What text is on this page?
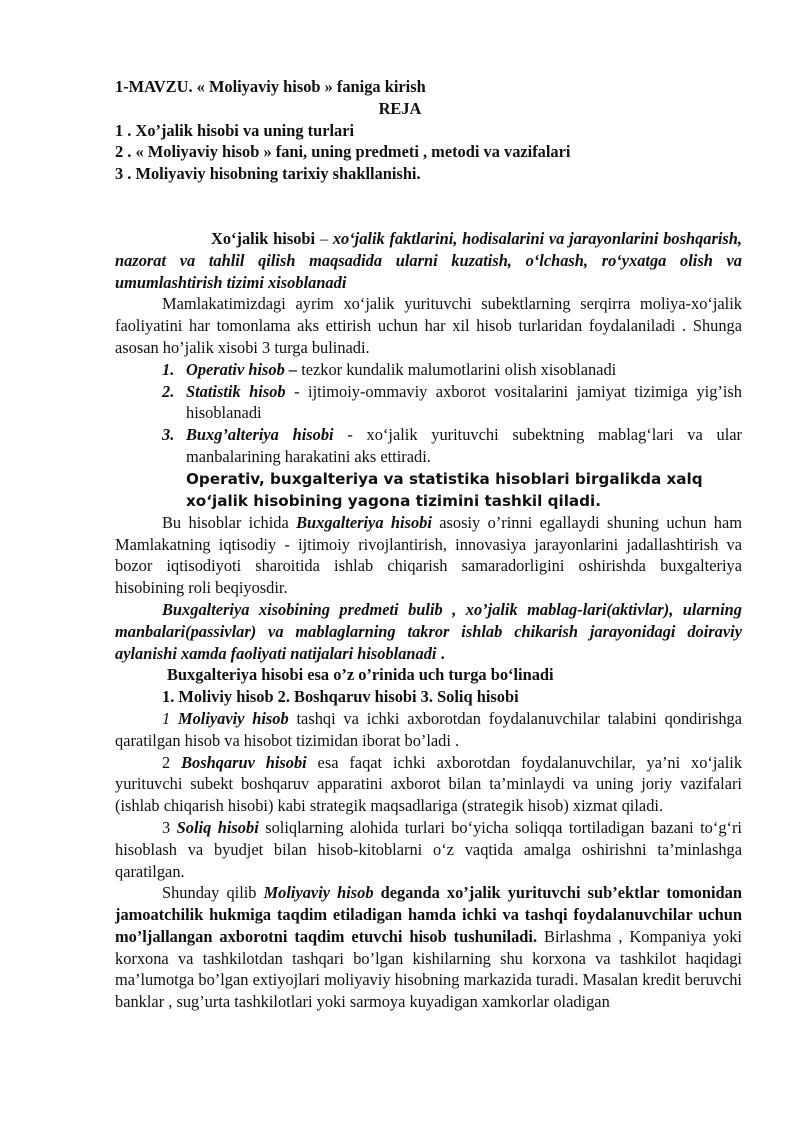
1-MAVZU. « Moliyaviy hisob » faniga kirish
REJA
1 . Xo’jalik hisobi va uning turlari
2 . « Moliyaviy hisob » fani, uning predmeti , metodi va vazifalari
3 . Moliyaviy hisobning tarixiy shakllanishi.
Xo‘jalik hisobi – xo‘jalik faktlarini, hodisalarini va jarayonlarini boshqarish, nazorat va tahlil qilish maqsadida ularni kuzatish, o‘lchash, ro‘yxatga olish va umumlashtirish tizimi xisoblanadi
Mamlakatimizdagi ayrim xo‘jalik yurituvchi subektlarning serqirra moliya-xo‘jalik faoliyatini har tomonlama aks ettirish uchun har xil hisob turlaridan foydalaniladi . Shunga asosan ho’jalik xisobi 3 turga bulinadi.
1. Operativ hisob – tezkor kundalik malumotlarini olish xisoblanadi
2. Statistik hisob - ijtimoiy-ommaviy axborot vositalarini jamiyat tizimiga yig’ish hisoblanadi
3. Buxg’alteriya hisobi - xo‘jalik yurituvchi subektning mablag‘lari va ular manbalarining harakatini aks ettiradi.
Operativ, buxgalteriya va statistika hisoblari birgalikda xalq xo‘jalik hisobining yagona tizimini tashkil qiladi.
Bu hisoblar ichida Buxgalteriya hisobi asosiy o’rinni egallaydi shuning uchun ham Mamlakatning iqtisodiy - ijtimoiy rivojlantirish, innovasiya jarayonlarini jadallashtirish va bozor iqtisodiyoti sharoitida ishlab chiqarish samaradorligini oshirishda buxgalteriya hisobining roli beqiyosdir.
Buxgalteriya xisobining predmeti bulib , xo’jalik mablag-lari(aktivlar), ularning manbalari(passivlar) va mablaglarning takror ishlab chikarish jarayonidagi doiraviy aylanishi xamda faoliyati natijalari hisoblanadi .
Buxgalteriya hisobi esa o’z o’rinida uch turga bo‘linadi
1. Moliviy hisob 2. Boshqaruv hisobi 3. Soliq hisobi
1 Moliyaviy hisob tashqi va ichki axborotdan foydalanuvchilar talabini qondirishga qaratilgan hisob va hisobot tizimidan iborat bo’ladi .
2 Boshqaruv hisobi esa faqat ichki axborotdan foydalanuvchilar, ya’ni xo‘jalik yurituvchi subekt boshqaruv apparatini axborot bilan ta’minlaydi va uning joriy vazifalari (ishlab chiqarish hisobi) kabi strategik maqsadlariga (strategik hisob) xizmat qiladi.
3 Soliq hisobi soliqlarning alohida turlari bo‘yicha soliqqa tortiladigan bazani to‘g‘ri hisoblash va byudjet bilan hisob-kitoblarni o‘z vaqtida amalga oshirishni ta’minlashga qaratilgan.
Shunday qilib Moliyaviy hisob deganda xo’jalik yurituvchi sub’ektlar tomonidan jamoatchilik hukmiga taqdim etiladigan hamda ichki va tashqi foydalanuvchilar uchun mo’ljallangan axborotni taqdim etuvchi hisob tushuniladi. Birlashma , Kompaniya yoki korxona va tashkilotdan tashqari bo’lgan kishilarning shu korxona va tashkilot haqidagi ma’lumotga bo’lgan extiyojlari moliyaviy hisobning markazida turadi. Masalan kredit beruvchi banklar , sug’urta tashkilotlari yoki sarmoya kuyadigan xamkorlar oladigan
